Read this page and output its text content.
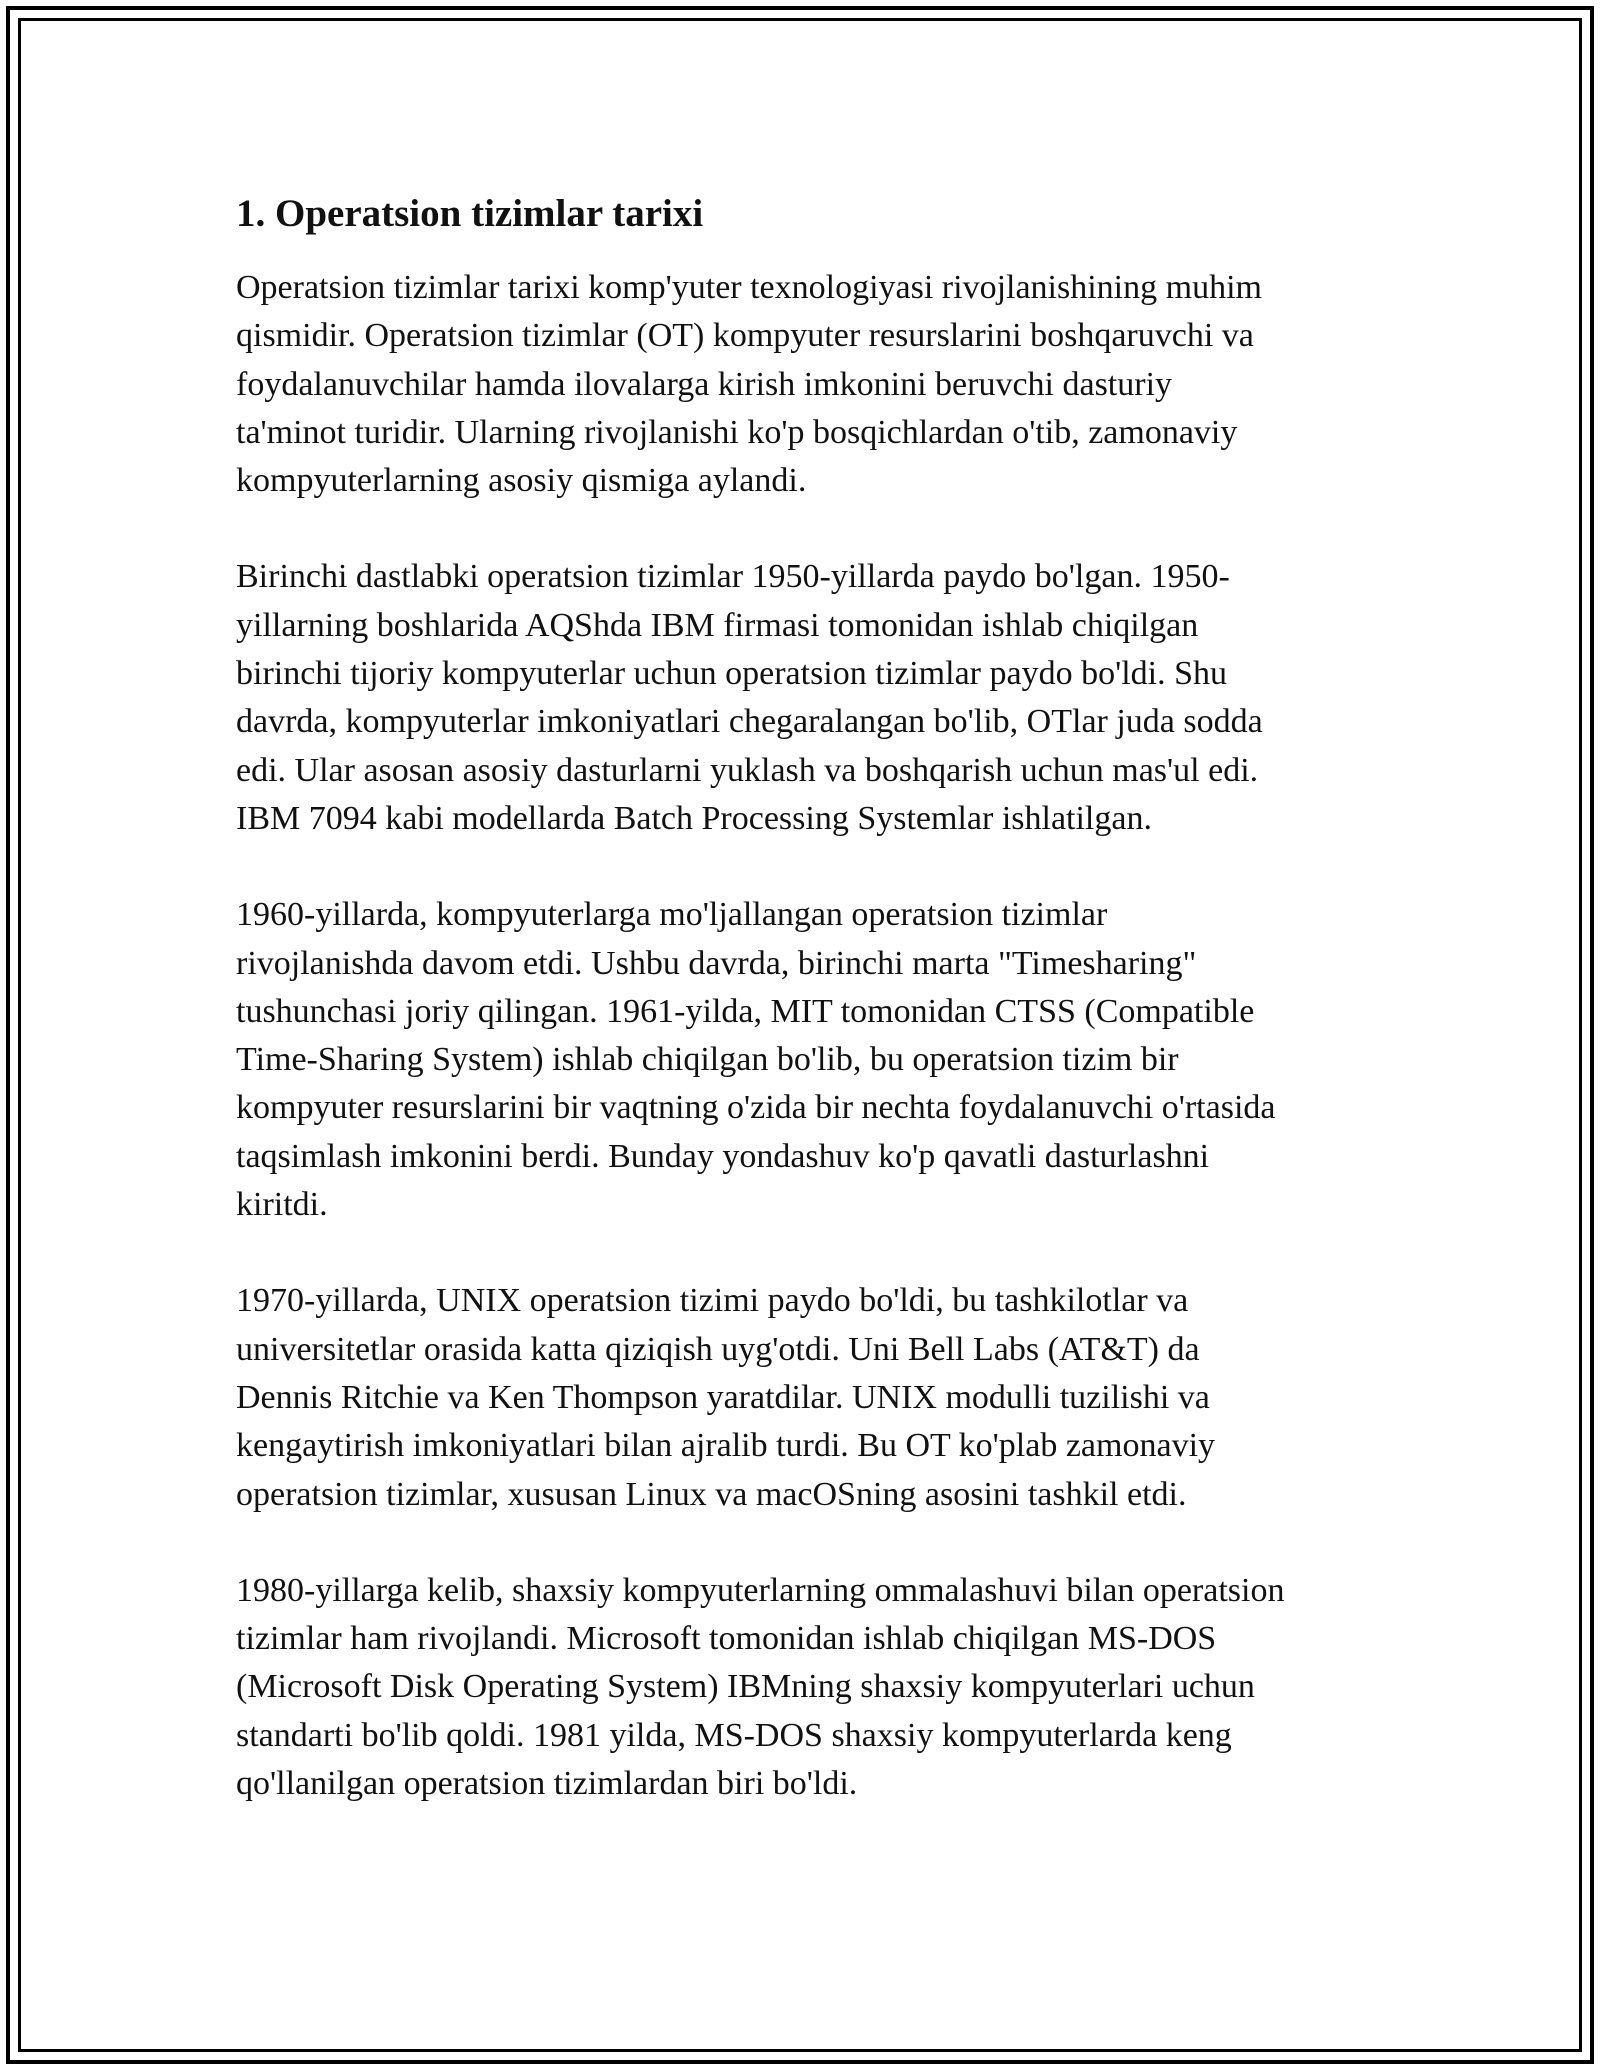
1. Operatsion tizimlar tarixi

Operatsion tizimlar tarixi komp'yuter texnologiyasi rivojlanishining muhim
qismidir. Operatsion tizimlar (OT) kompyuter resurslarini boshqaruvchi va
foydalanuvchilar hamda ilovalarga kirish imkonini beruvchi dasturiy
ta'minot turidir. Ularning rivojlanishi ko'p bosqichlardan o'tib, zamonaviy
kompyuterlarning asosiy qismiga aylandi.

Birinchi dastlabki operatsion tizimlar 1950-yillarda paydo bo'lgan. 1950-
yillarning boshlarida AQShda IBM firmasi tomonidan ishlab chiqilgan
birinchi tijoriy kompyuterlar uchun operatsion tizimlar paydo bo'ldi. Shu
davrda, kompyuterlar imkoniyatlari chegaralangan bo'lib, OTlar juda sodda
edi. Ular asosan asosiy dasturlarni yuklash va boshqarish uchun mas'ul edi.
IBM 7094 kabi modellarda Batch Processing Systemlar ishlatilgan.

1960-yillarda, kompyuterlarga mo'ljallangan operatsion tizimlar
rivojlanishda davom etdi. Ushbu davrda, birinchi marta "Timesharing"
tushunchasi joriy qilingan. 1961-yilda, MIT tomonidan CTSS (Compatible
Time-Sharing System) ishlab chiqilgan bo'lib, bu operatsion tizim bir
kompyuter resurslarini bir vaqtning o'zida bir nechta foydalanuvchi o'rtasida
taqsimlash imkonini berdi. Bunday yondashuv ko'p qavatli dasturlashni
kiritdi.

1970-yillarda, UNIX operatsion tizimi paydo bo'ldi, bu tashkilotlar va
universitetlar orasida katta qiziqish uyg'otdi. Uni Bell Labs (AT&T) da
Dennis Ritchie va Ken Thompson yaratdilar. UNIX modulli tuzilishi va
kengaytirish imkoniyatlari bilan ajralib turdi. Bu OT ko'plab zamonaviy
operatsion tizimlar, xususan Linux va macOSning asosini tashkil etdi.

1980-yillarga kelib, shaxsiy kompyuterlarning ommalashuvi bilan operatsion
tizimlar ham rivojlandi. Microsoft tomonidan ishlab chiqilgan MS-DOS
(Microsoft Disk Operating System) IBMning shaxsiy kompyuterlari uchun
standarti bo'lib qoldi. 1981 yilda, MS-DOS shaxsiy kompyuterlarda keng
qo'llanilgan operatsion tizimlardan biri bo'ldi.
